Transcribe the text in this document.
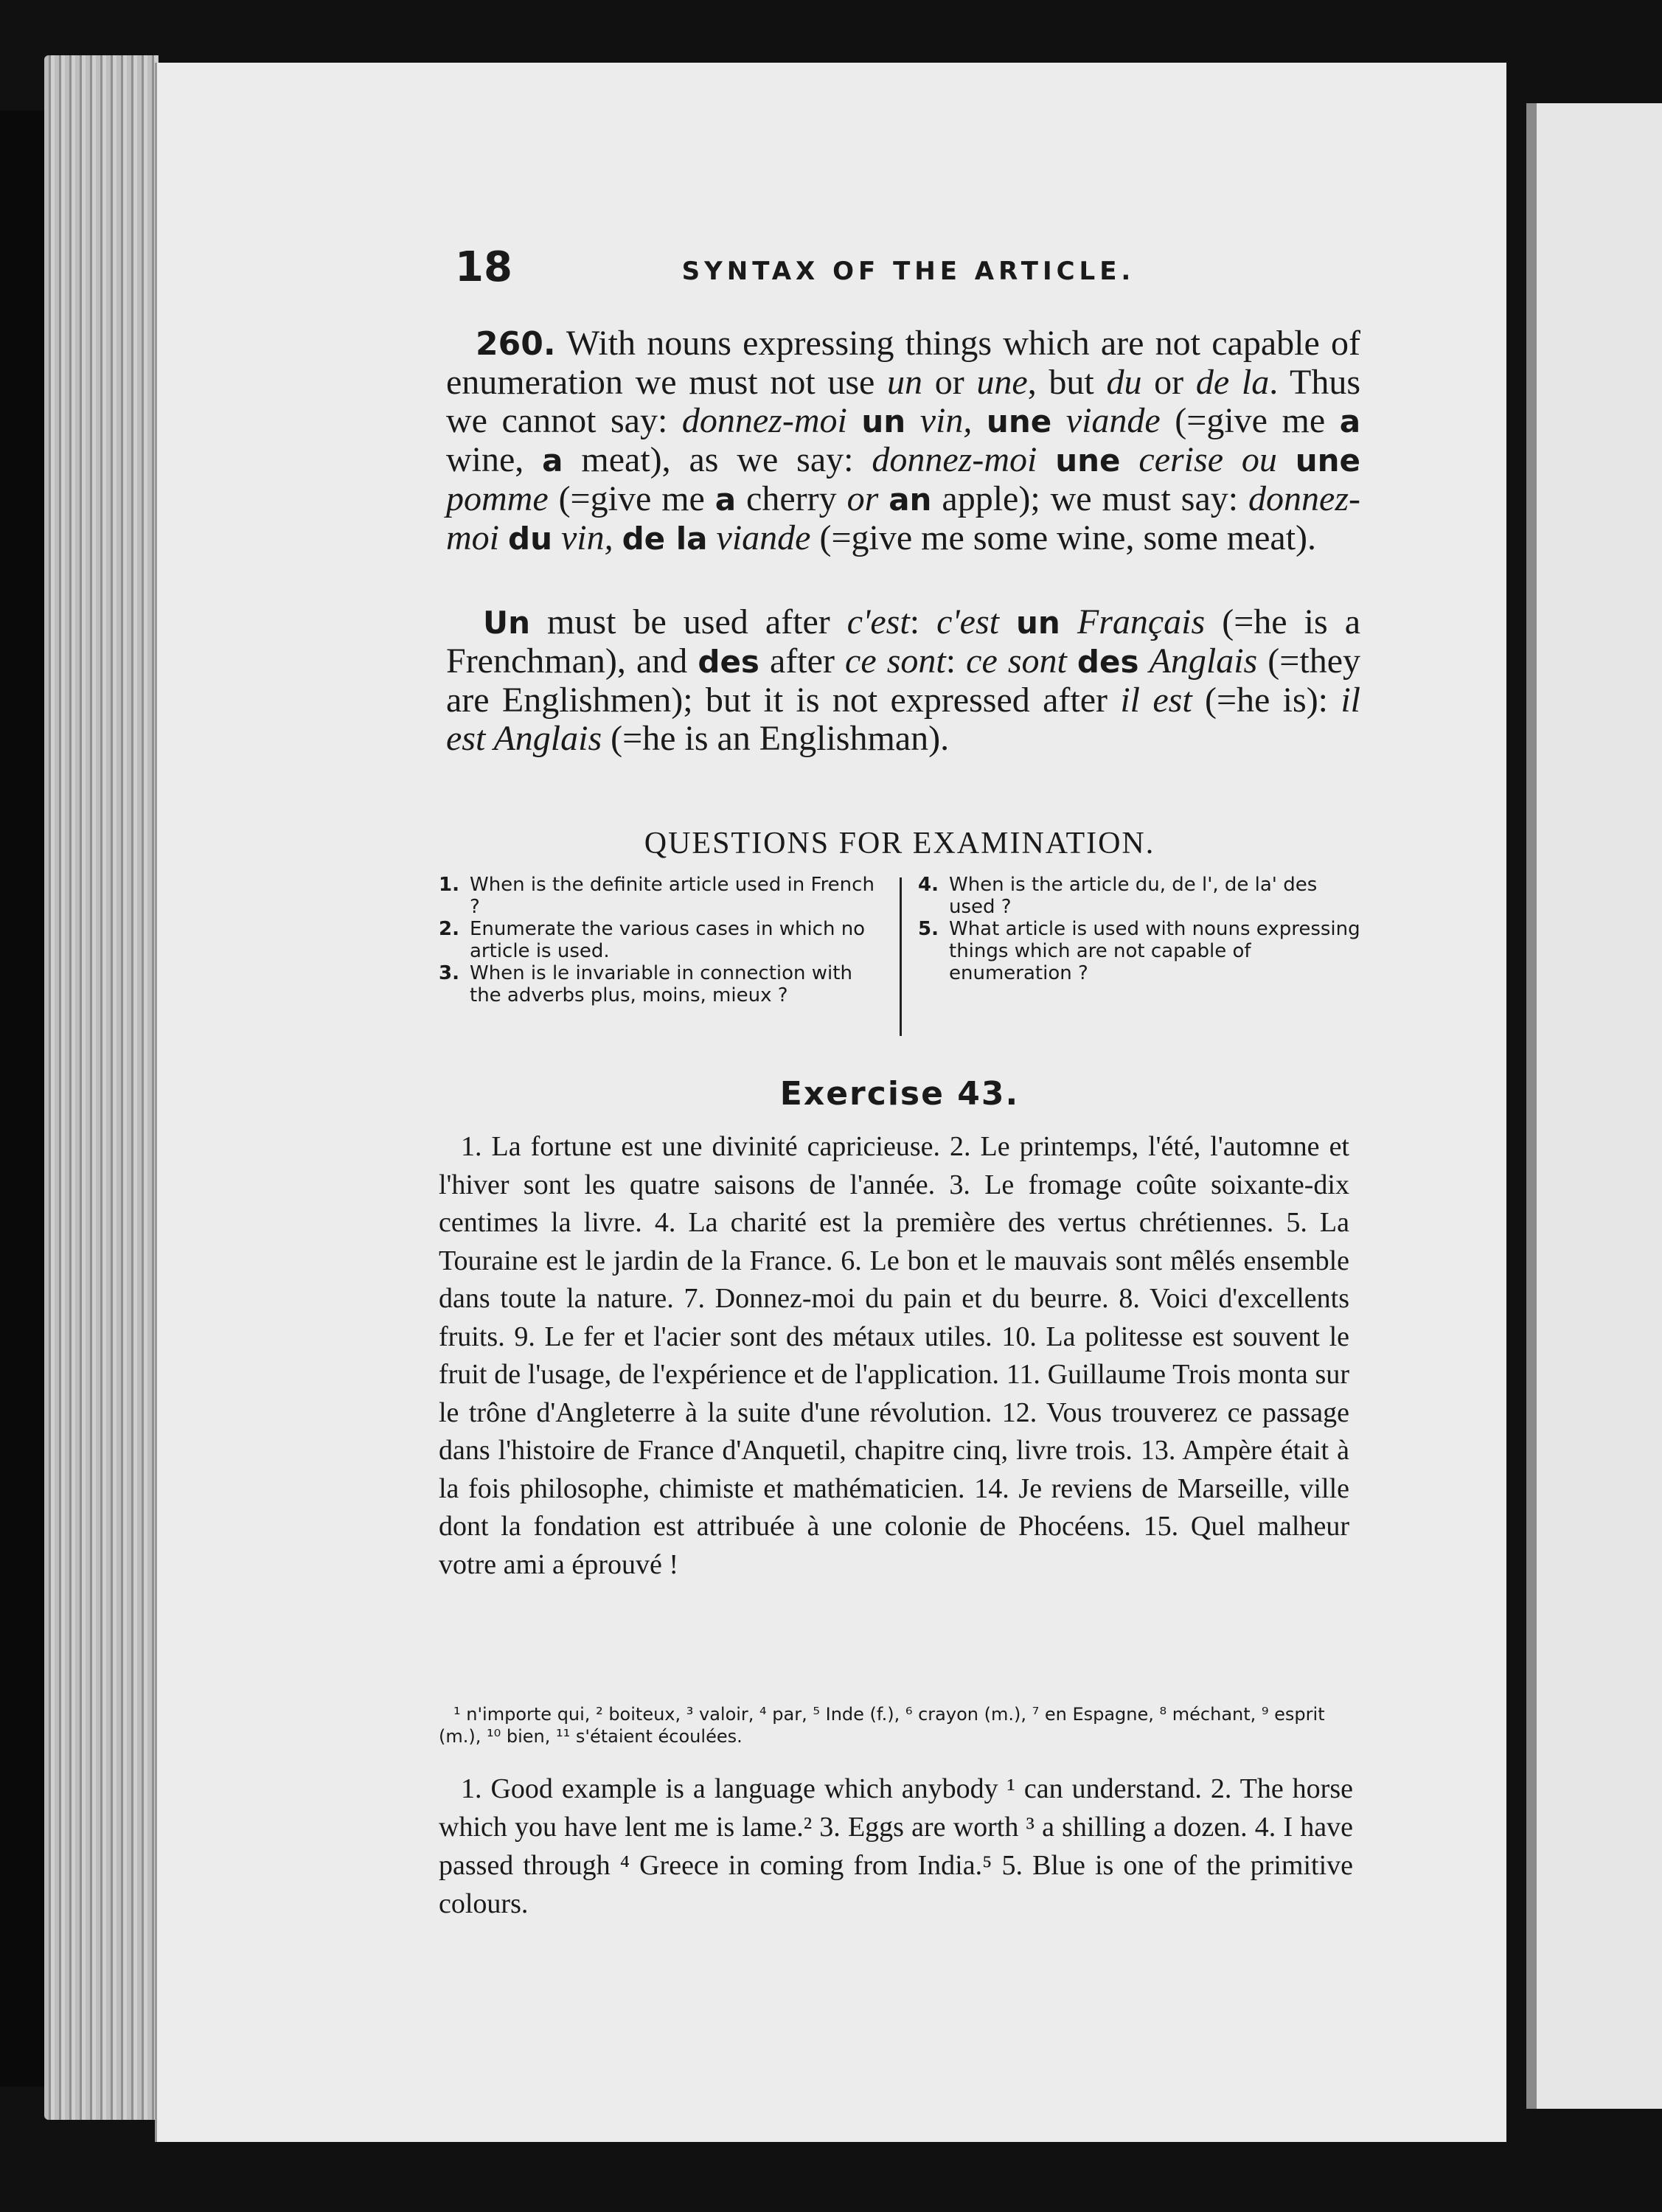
18	SYNTAX OF THE ARTICLE.
260. With nouns expressing things which are not capable of enumeration we must not use un or une, but du or de la. Thus we cannot say: donnez-moi un vin, une viande (=give me a wine, a meat), as we say: donnez-moi une cerise ou une pomme (=give me a cherry or an apple); we must say: donnez-moi du vin, de la viande (=give me some wine, some meat).
Un must be used after c'est: c'est un Français (=he is a Frenchman), and des after ce sont: ce sont des Anglais (=they are Englishmen); but it is not expressed after il est (=he is): il est Anglais (=he is an Englishman).
QUESTIONS FOR EXAMINATION.
1. When is the definite article used in French ?
2. Enumerate the various cases in which no article is used.
3. When is le invariable in connection with the adverbs plus, moins, mieux ?
4. When is the article du, de l', de la' des used ?
5. What article is used with nouns expressing things which are not capable of enumeration ?
Exercise 43.
1. La fortune est une divinité capricieuse. 2. Le printemps, l'été, l'automne et l'hiver sont les quatre saisons de l'année. 3. Le fromage coûte soixante-dix centimes la livre. 4. La charité est la première des vertus chrétiennes. 5. La Touraine est le jardin de la France. 6. Le bon et le mauvais sont mêlés ensemble dans toute la nature. 7. Donnez-moi du pain et du beurre. 8. Voici d'excellents fruits. 9. Le fer et l'acier sont des métaux utiles. 10. La politesse est souvent le fruit de l'usage, de l'expérience et de l'application. 11. Guillaume Trois monta sur le trône d'Angleterre à la suite d'une révolution. 12. Vous trouverez ce passage dans l'histoire de France d'Anquetil, chapitre cinq, livre trois. 13. Ampère était à la fois philosophe, chimiste et mathématicien. 14. Je reviens de Marseille, ville dont la fondation est attribuée à une colonie de Phocéens. 15. Quel malheur votre ami a éprouvé !
¹ n'importe qui, ² boiteux, ³ valoir, ⁴ par, ⁵ Inde (f.), ⁶ crayon (m.), ⁷ en Espagne, ⁸ méchant, ⁹ esprit (m.), ¹⁰ bien, ¹¹ s'étaient écoulées.
1. Good example is a language which anybody ¹ can understand. 2. The horse which you have lent me is lame.² 3. Eggs are worth ³ a shilling a dozen. 4. I have passed through ⁴ Greece in coming from India.⁵ 5. Blue is one of the primitive colours.
